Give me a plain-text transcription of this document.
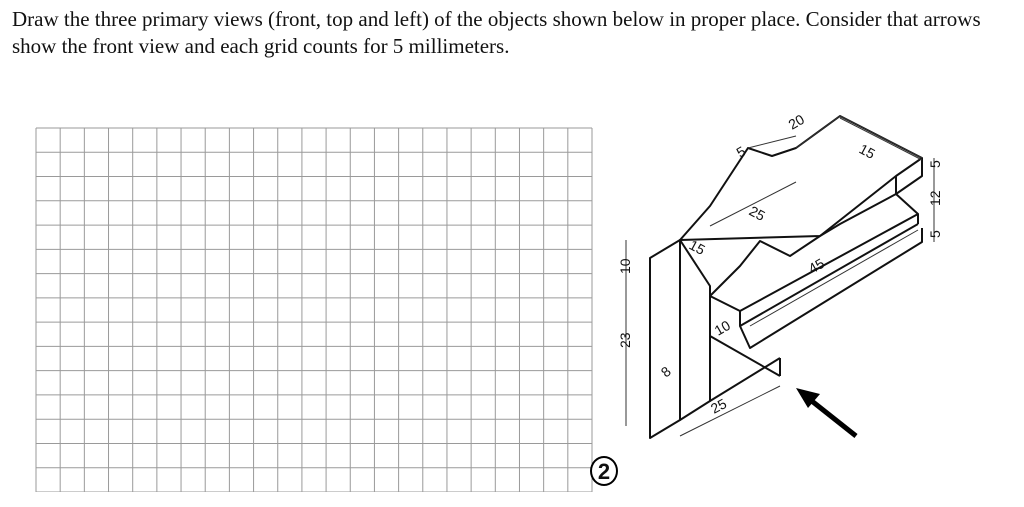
Draw the three primary views (front, top and left) of the objects shown below in proper place. Consider that arrows show the front view and each grid counts for 5 millimeters.

2
20
5	15
5
12
5
25
15
45
10
10
23
8
25
